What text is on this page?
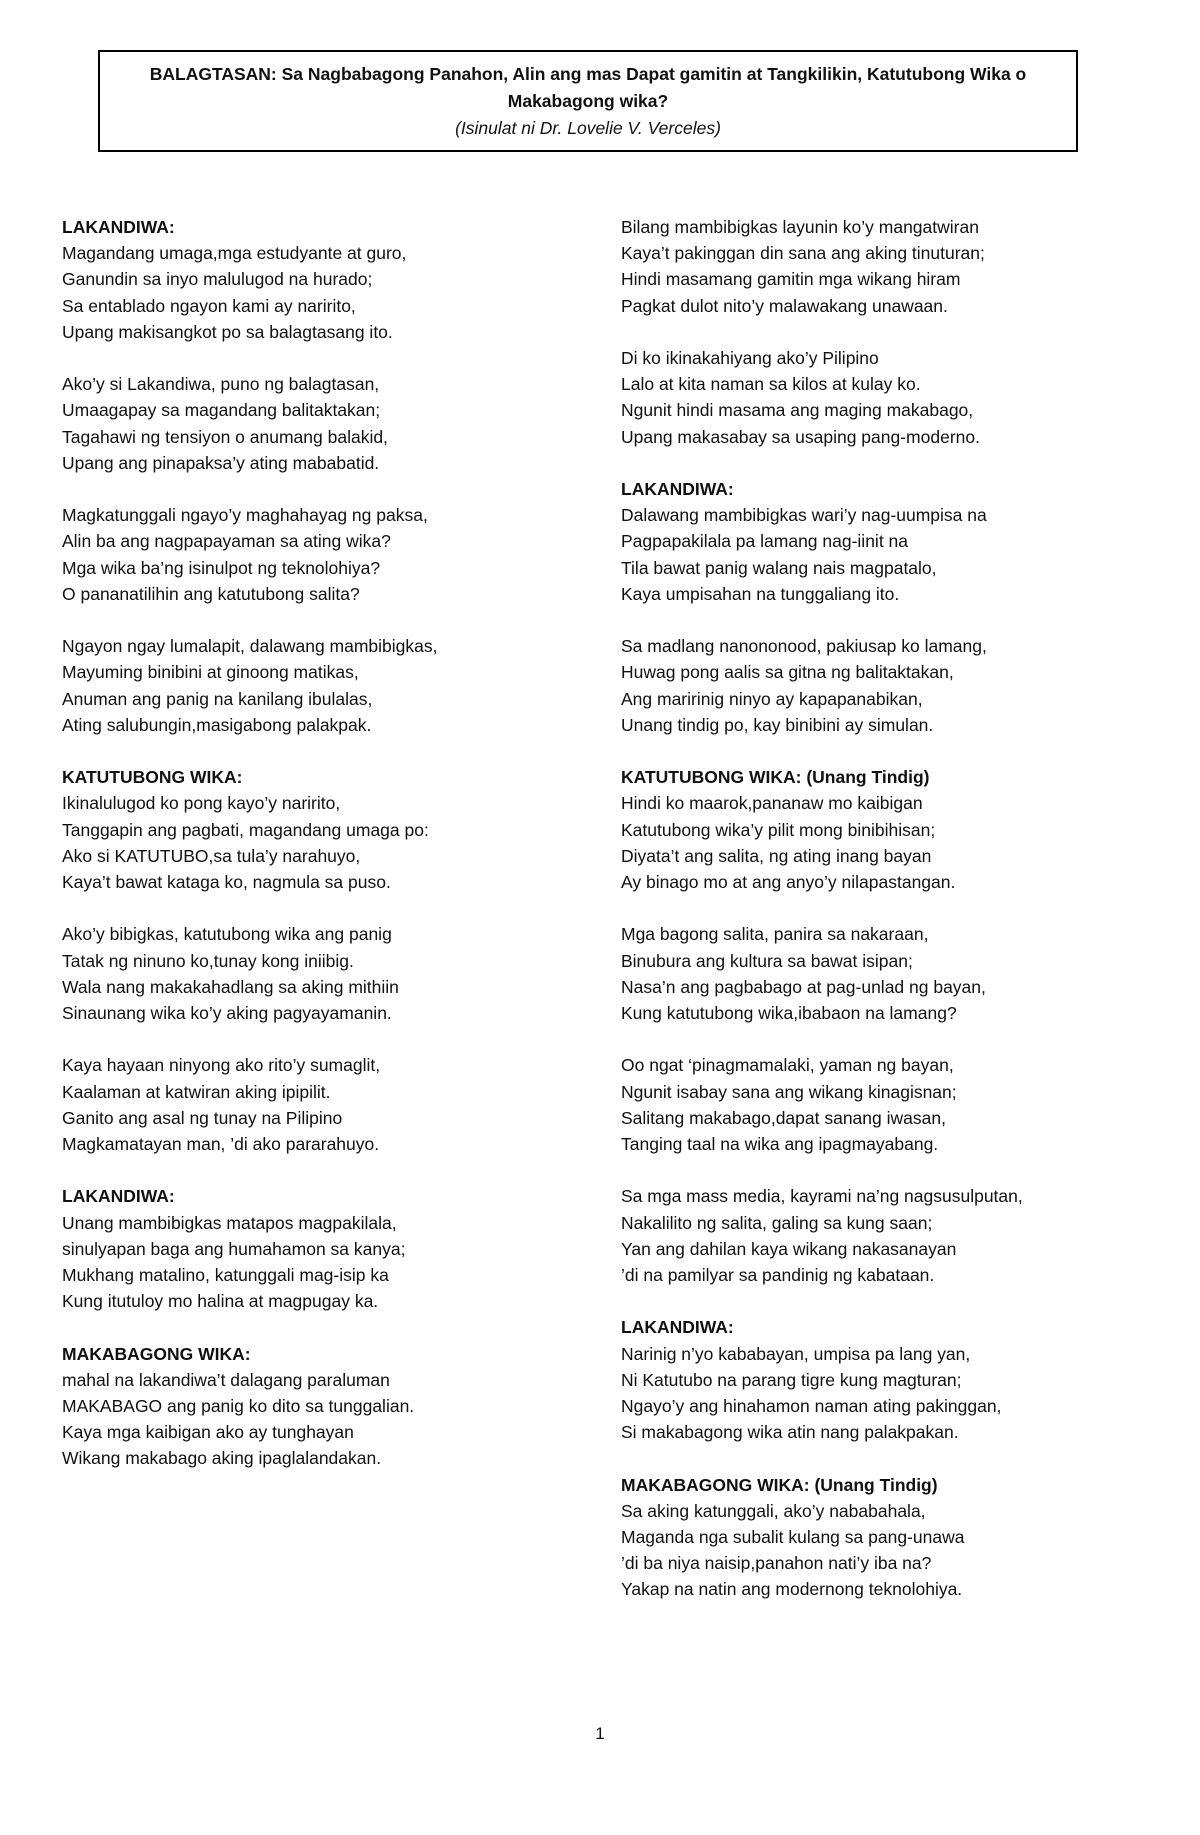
BALAGTASAN: Sa Nagbabagong Panahon, Alin ang mas Dapat gamitin at Tangkilikin, Katutubong Wika o Makabagong wika?
(Isinulat ni Dr. Lovelie V. Verceles)
LAKANDIWA:
Magandang umaga,mga estudyante at guro,
Ganundin sa inyo malulugod na hurado;
Sa entablado ngayon kami ay naririto,
Upang makisangkot po sa balagtasang ito.
Ako’y si Lakandiwa, puno ng balagtasan,
Umaagapay sa magandang balitaktakan;
Tagahawi ng tensiyon o anumang balakid,
Upang ang pinapaksa’y ating mababatid.
Magkatunggali ngayo’y maghahayag ng paksa,
Alin ba ang nagpapayaman sa ating wika?
Mga wika ba’ng isinulpot ng teknolohiya?
O pananatilihin ang katutubong salita?
Ngayon ngay lumalapit, dalawang mambibigkas,
Mayuming binibini at ginoong matikas,
Anuman ang panig na kanilang ibulalas,
Ating salubungin,masigabong palakpak.
KATUTUBONG WIKA:
Ikinalulugod ko pong kayo’y naririto,
Tanggapin ang pagbati, magandang umaga po:
Ako si KATUTUBO,sa tula’y narahuyo,
Kaya’t bawat kataga ko, nagmula sa puso.
Ako’y bibigkas, katutubong wika ang panig
Tatak ng ninuno ko,tunay kong iniibig.
Wala nang makakahadlang sa aking mithiin
Sinaunang wika ko’y aking pagyayamanin.
Kaya hayaan ninyong ako rito’y sumaglit,
Kaalaman at katwiran aking ipipilit.
Ganito ang asal ng tunay na Pilipino
Magkamatayan man, ’di ako pararahuyo.
LAKANDIWA:
Unang mambibigkas matapos magpakilala,
sinulyapan baga ang humahamon sa kanya;
Mukhang matalino, katunggali mag-isip ka
Kung itutuloy mo halina at magpugay ka.
MAKABAGONG WIKA:
mahal na lakandiwa’t dalagang paraluman
MAKABAGO ang panig ko dito sa tunggalian.
Kaya mga kaibigan ako ay tunghayan
Wikang makabago aking ipaglalandakan.
Bilang mambibigkas layunin ko’y mangatwiran
Kaya’t pakinggan din sana ang aking tinuturan;
Hindi masamang gamitin mga wikang hiram
Pagkat dulot nito’y malawakang unawaan.
Di ko ikinakahiyang ako’y Pilipino
Lalo at kita naman sa kilos at kulay ko.
Ngunit hindi masama ang maging makabago,
Upang makasabay sa usaping pang-moderno.
LAKANDIWA:
Dalawang mambibigkas wari’y nag-uumpisa na
Pagpapakilala pa lamang nag-iinit na
Tila bawat panig walang nais magpatalo,
Kaya umpisahan na tunggaliang ito.
Sa madlang nanononood, pakiusap ko lamang,
Huwag pong aalis sa gitna ng balitaktakan,
Ang maririnig ninyo ay kapapanabikan,
Unang tindig po, kay binibini ay simulan.
KATUTUBONG WIKA: (Unang Tindig)
Hindi ko maarok,pananaw mo kaibigan
Katutubong wika’y pilit mong binibihisan;
Diyata’t ang salita, ng ating inang bayan
Ay binago mo at ang anyo’y nilapastangan.
Mga bagong salita, panira sa nakaraan,
Binubura ang kultura sa bawat isipan;
Nasa’n ang pagbabago at pag-unlad ng bayan,
Kung katutubong wika,ibabaon na lamang?
Oo ngat ‘pinagmamalaki, yaman ng bayan,
Ngunit isabay sana ang wikang kinagisnan;
Salitang makabago,dapat sanang iwasan,
Tanging taal na wika ang ipagmayabang.
Sa mga mass media, kayrami na’ng nagsusulputan,
Nakalilito ng salita, galing sa kung saan;
Yan ang dahilan kaya wikang nakasanayan
’di na pamilyar sa pandinig ng kabataan.
LAKANDIWA:
Narinig n’yo kababayan, umpisa pa lang yan,
Ni Katutubo na parang tigre kung magturan;
Ngayo’y ang hinahamon naman ating pakinggan,
Si makabagong wika atin nang palakpakan.
MAKABAGONG WIKA: (Unang Tindig)
Sa aking katunggali, ako’y nababahala,
Maganda nga subalit kulang sa pang-unawa
’di ba niya naisip,panahon nati’y iba na?
Yakap na natin ang modernong teknolohiya.
1
